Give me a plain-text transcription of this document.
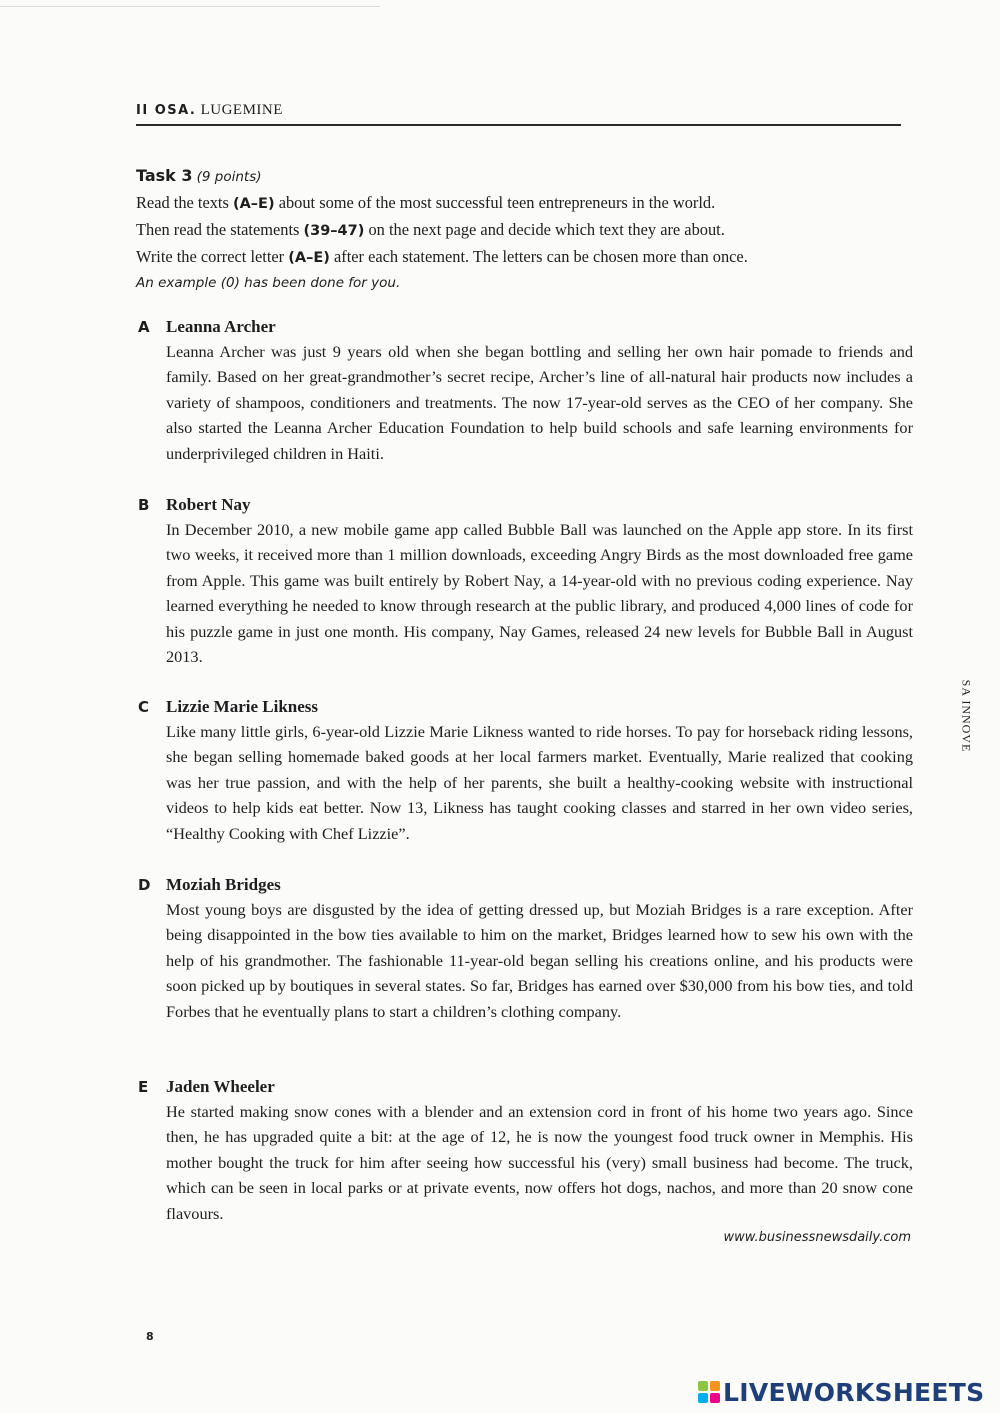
II OSA. LUGEMINE
Task 3 (9 points)
Read the texts (A–E) about some of the most successful teen entrepreneurs in the world.
Then read the statements (39–47) on the next page and decide which text they are about.
Write the correct letter (A–E) after each statement. The letters can be chosen more than once.
An example (0) has been done for you.
A Leanna Archer
Leanna Archer was just 9 years old when she began bottling and selling her own hair pomade to friends and family. Based on her great-grandmother’s secret recipe, Archer’s line of all-natural hair products now includes a variety of shampoos, conditioners and treatments. The now 17-year-old serves as the CEO of her company. She also started the Leanna Archer Education Foundation to help build schools and safe learning environments for underprivileged children in Haiti.
B Robert Nay
In December 2010, a new mobile game app called Bubble Ball was launched on the Apple app store. In its first two weeks, it received more than 1 million downloads, exceeding Angry Birds as the most downloaded free game from Apple. This game was built entirely by Robert Nay, a 14-year-old with no previous coding experience. Nay learned everything he needed to know through research at the public library, and produced 4,000 lines of code for his puzzle game in just one month. His company, Nay Games, released 24 new levels for Bubble Ball in August 2013.
C Lizzie Marie Likness
Like many little girls, 6-year-old Lizzie Marie Likness wanted to ride horses. To pay for horseback riding lessons, she began selling homemade baked goods at her local farmers market. Eventually, Marie realized that cooking was her true passion, and with the help of her parents, she built a healthy-cooking website with instructional videos to help kids eat better. Now 13, Likness has taught cooking classes and starred in her own video series, “Healthy Cooking with Chef Lizzie”.
D Moziah Bridges
Most young boys are disgusted by the idea of getting dressed up, but Moziah Bridges is a rare exception. After being disappointed in the bow ties available to him on the market, Bridges learned how to sew his own with the help of his grandmother. The fashionable 11-year-old began selling his creations online, and his products were soon picked up by boutiques in several states. So far, Bridges has earned over $30,000 from his bow ties, and told Forbes that he eventually plans to start a children’s clothing company.
E Jaden Wheeler
He started making snow cones with a blender and an extension cord in front of his home two years ago. Since then, he has upgraded quite a bit: at the age of 12, he is now the youngest food truck owner in Memphis. His mother bought the truck for him after seeing how successful his (very) small business had become. The truck, which can be seen in local parks or at private events, now offers hot dogs, nachos, and more than 20 snow cone flavours.
www.businessnewsdaily.com
SA INNOVE
8
LIVEWORKSHEETS
